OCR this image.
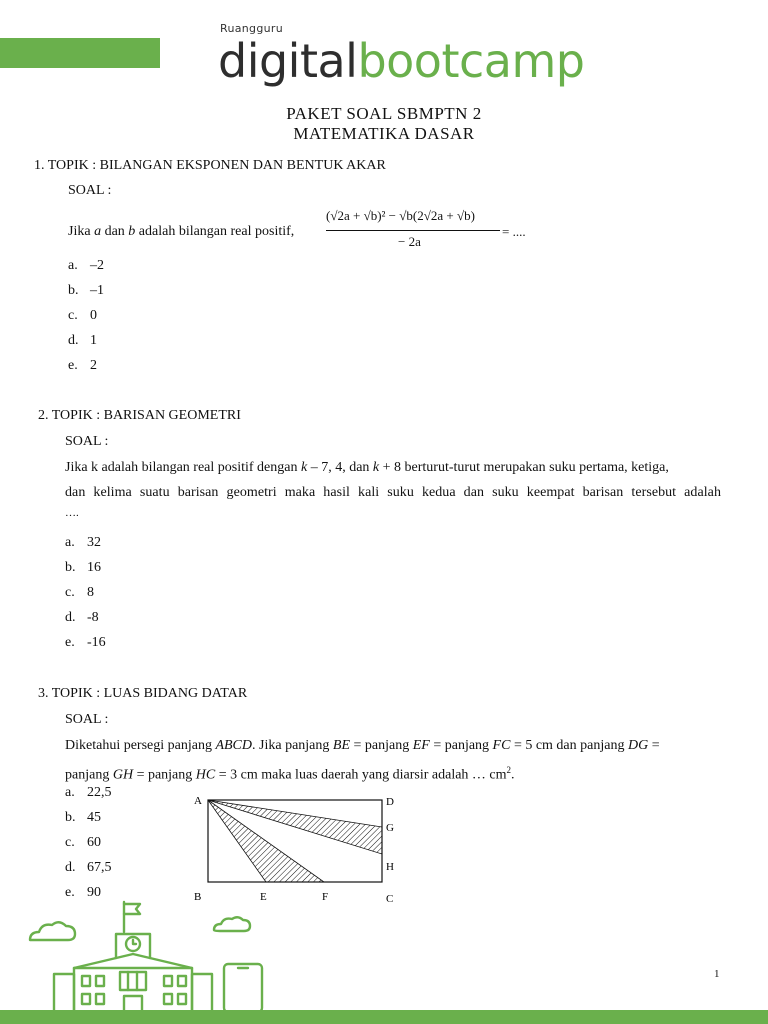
Ruangguru
digitalbootcamp
PAKET SOAL SBMPTN 2
MATEMATIKA DASAR
1. TOPIK : BILANGAN EKSPONEN DAN BENTUK AKAR
SOAL :
Jika a dan b adalah bilangan real positif,
(√2a + √b)² − √b(2√2a + √b)
− 2a
= ....
a. –2
b. –1
c. 0
d. 1
e. 2
2. TOPIK : BARISAN GEOMETRI
SOAL :
Jika k adalah bilangan real positif dengan k – 7, 4, dan k + 8 berturut-turut merupakan suku pertama, ketiga,
dan kelima suatu barisan geometri maka hasil kali suku kedua dan suku keempat barisan tersebut adalah
….
a. 32
b. 16
c. 8
d. -8
e. -16
3. TOPIK : LUAS BIDANG DATAR
SOAL :
Diketahui persegi panjang ABCD. Jika panjang BE = panjang EF = panjang FC = 5 cm dan panjang DG =
panjang GH = panjang HC = 3 cm maka luas daerah yang diarsir adalah … $cm^2$.
a. 22,5
b. 45
c. 60
d. 67,5
e. 90
A	D
G
H
B	E	F	C
1
